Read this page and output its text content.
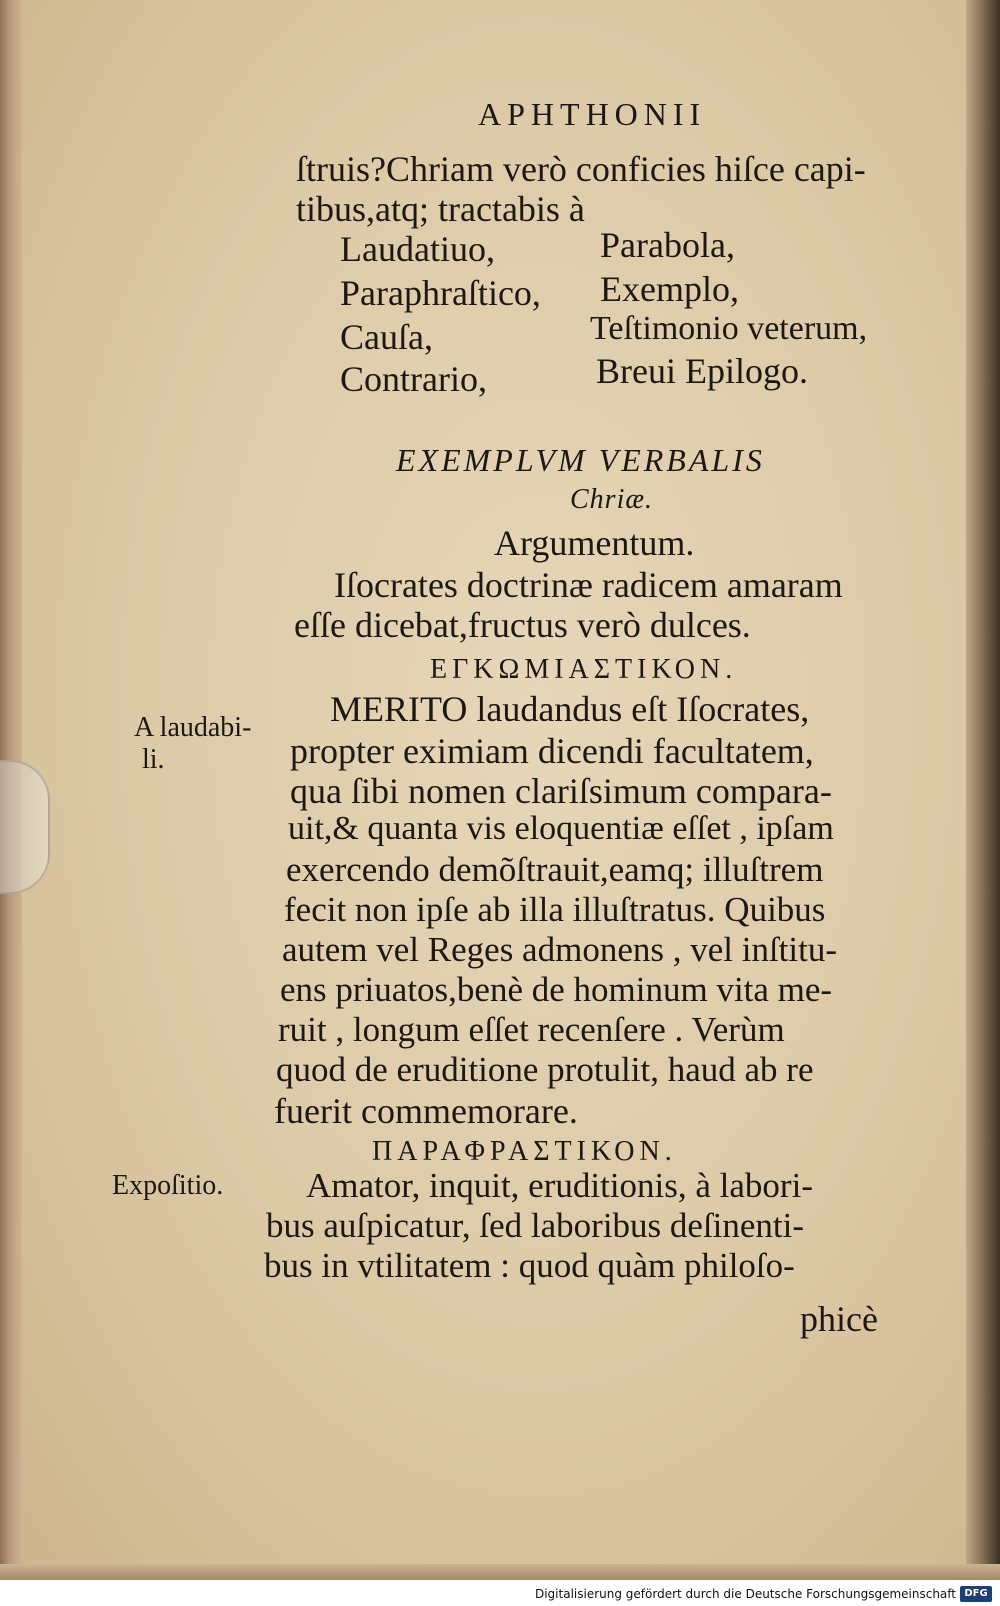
APHTHONII
ſtruis?Chriam verò conficies hiſce capi-
tibus,atq; tractabis à
Laudatiuo,
Paraphraſtico,
Cauſa,
Contrario,
Parabola,
Exemplo,
Teſtimonio veterum,
Breui Epilogo.
EXEMPLVM VERBALIS
Chriæ.
Argumentum.
Iſocrates doctrinæ radicem amaram
eſſe dicebat,fructus verò dulces.
ΕΓΚΩΜΙΑΣΤΙΚΟΝ.
A laudabi-
li.
MERITO laudandus eſt Iſocrates,
propter eximiam dicendi facultatem,
qua ſibi nomen clariſsimum compara-
uit,& quanta vis eloquentiæ eſſet , ipſam
exercendo demõſtrauit,eamq; illuſtrem
fecit non ipſe ab illa illuſtratus. Quibus
autem vel Reges admonens , vel inſtitu-
ens priuatos,benè de hominum vita me-
ruit , longum eſſet recenſere . Verùm
quod de eruditione protulit, haud ab re
fuerit commemorare.
ΠΑΡΑΦΡΑΣΤΙΚΟΝ.
Expoſitio. Amator, inquit, eruditionis, à labori-
bus auſpicatur, ſed laboribus deſinenti-
bus in vtilitatem : quod quàm philoſo-
phicè
Digitalisierung gefördert durch die Deutsche Forschungsgemeinschaft DFG
